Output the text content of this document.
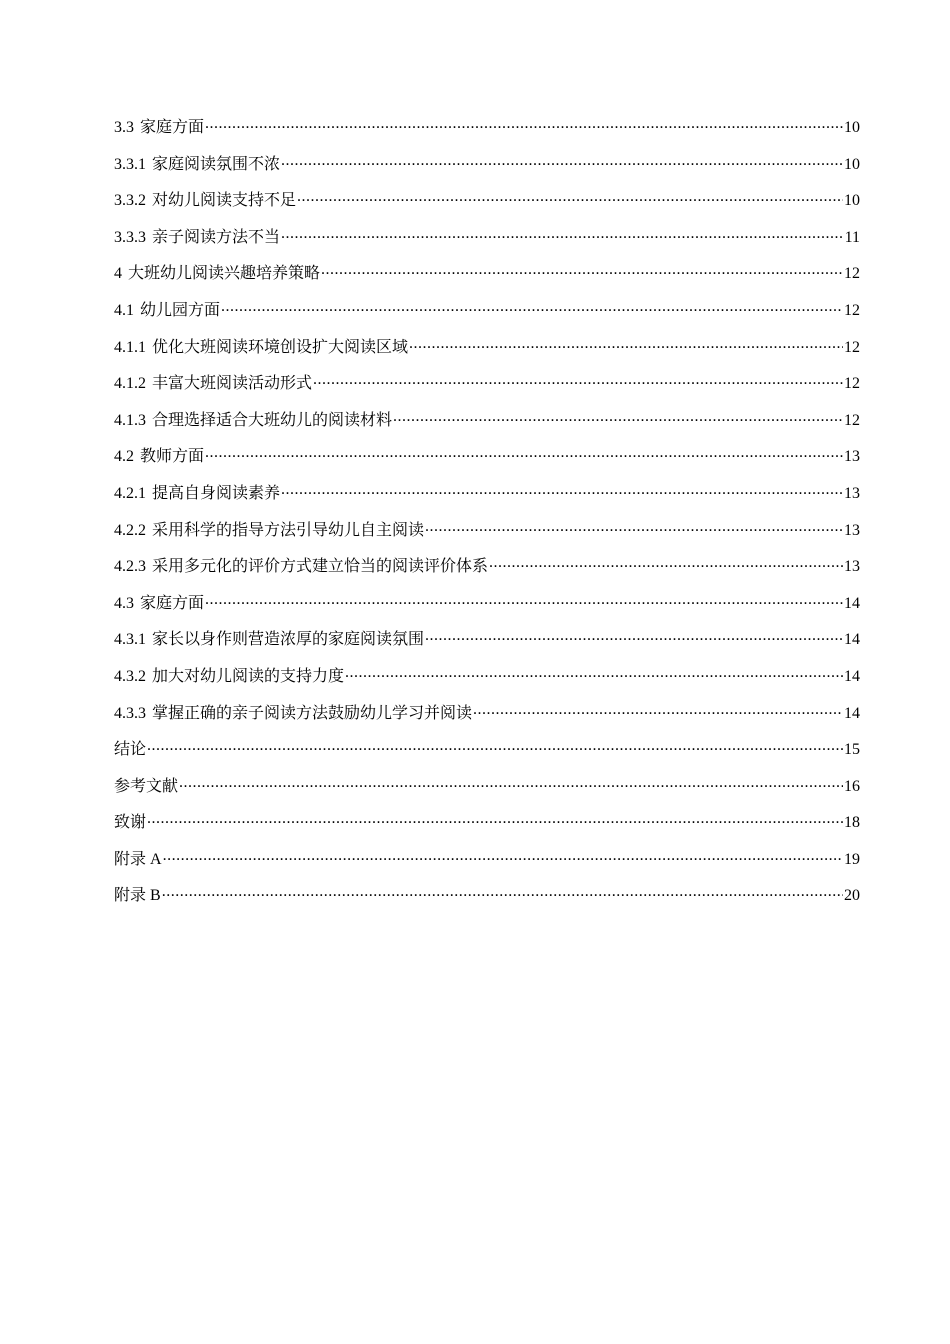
3.3 家庭方面 .....	10
3.3.1 家庭阅读氛围不浓 .....	10
3.3.2 对幼儿阅读支持不足 .....	10
3.3.3 亲子阅读方法不当 .....	11
4 大班幼儿阅读兴趣培养策略 .....	12
4.1 幼儿园方面 .....	12
4.1.1 优化大班阅读环境创设扩大阅读区域 .....	12
4.1.2 丰富大班阅读活动形式 .....	12
4.1.3 合理选择适合大班幼儿的阅读材料 .....	12
4.2 教师方面 .....	13
4.2.1 提高自身阅读素养 .....	13
4.2.2 采用科学的指导方法引导幼儿自主阅读 .....	13
4.2.3 采用多元化的评价方式建立恰当的阅读评价体系 .....	13
4.3 家庭方面 .....	14
4.3.1 家长以身作则营造浓厚的家庭阅读氛围 .....	14
4.3.2 加大对幼儿阅读的支持力度 .....	14
4.3.3 掌握正确的亲子阅读方法鼓励幼儿学习并阅读 .....	14
结论 .....	15
参考文献 .....	16
致谢 .....	18
附录 A .....	19
附录 B .....	20
